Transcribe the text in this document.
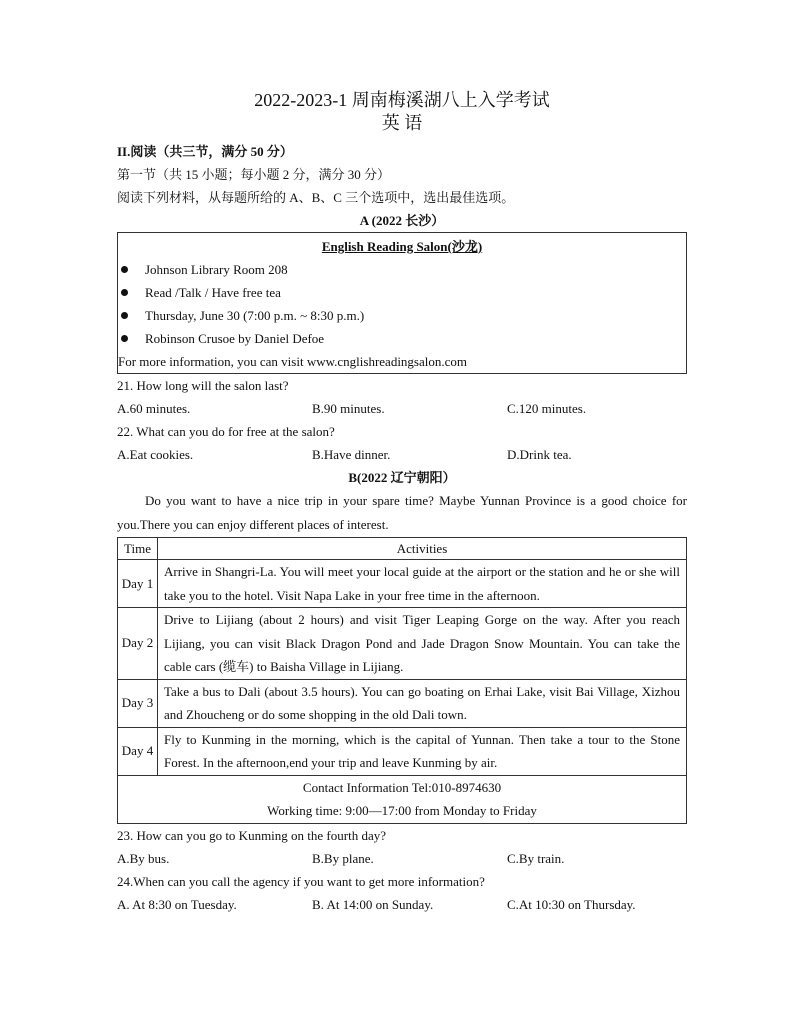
2022-2023-1 周南梅溪湖八上入学考试
英 语
II.阅读（共三节，满分 50 分）
第一节（共 15 小题；每小题 2 分，满分 30 分）
阅读下列材料，从每题所给的 A、B、C 三个选项中，选出最佳选项。
A (2022 长沙）
English Reading Salon(沙龙)
Johnson Library Room 208
Read /Talk / Have free tea
Thursday, June 30 (7:00 p.m. ~ 8:30 p.m.)
Robinson Crusoe by Daniel Defoe
For more information, you can visit www.cnglishreadingsalon.com
21. How long will the salon last?
A.60 minutes.	B.90 minutes.	C.120 minutes.
22. What can you do for free at the salon?
A.Eat cookies.	B.Have dinner.	D.Drink tea.
B(2022 辽宁朝阳）
Do you want to have a nice trip in your spare time? Maybe Yunnan Province is a good choice for you.There you can enjoy different places of interest.
Time	Activities
Day 1	Arrive in Shangri-La. You will meet your local guide at the airport or the station and he or she will take you to the hotel. Visit Napa Lake in your free time in the afternoon.
Day 2	Drive to Lijiang (about 2 hours) and visit Tiger Leaping Gorge on the way. After you reach Lijiang, you can visit Black Dragon Pond and Jade Dragon Snow Mountain. You can take the cable cars (缆车) to Baisha Village in Lijiang.
Day 3	Take a bus to Dali (about 3.5 hours). You can go boating on Erhai Lake, visit Bai Village, Xizhou and Zhoucheng or do some shopping in the old Dali town.
Day 4	Fly to Kunming in the morning, which is the capital of Yunnan. Then take a tour to the Stone Forest. In the afternoon,end your trip and leave Kunming by air.

Contact Information Tel:010-8974630
Working time: 9:00—17:00 from Monday to Friday	
23. How can you go to Kunming on the fourth day?
A.By bus.	B.By plane.	C.By train.
24.When can you call the agency if you want to get more information?
A. At 8:30 on Tuesday.	B. At 14:00 on Sunday.	C.At 10:30 on Thursday.
